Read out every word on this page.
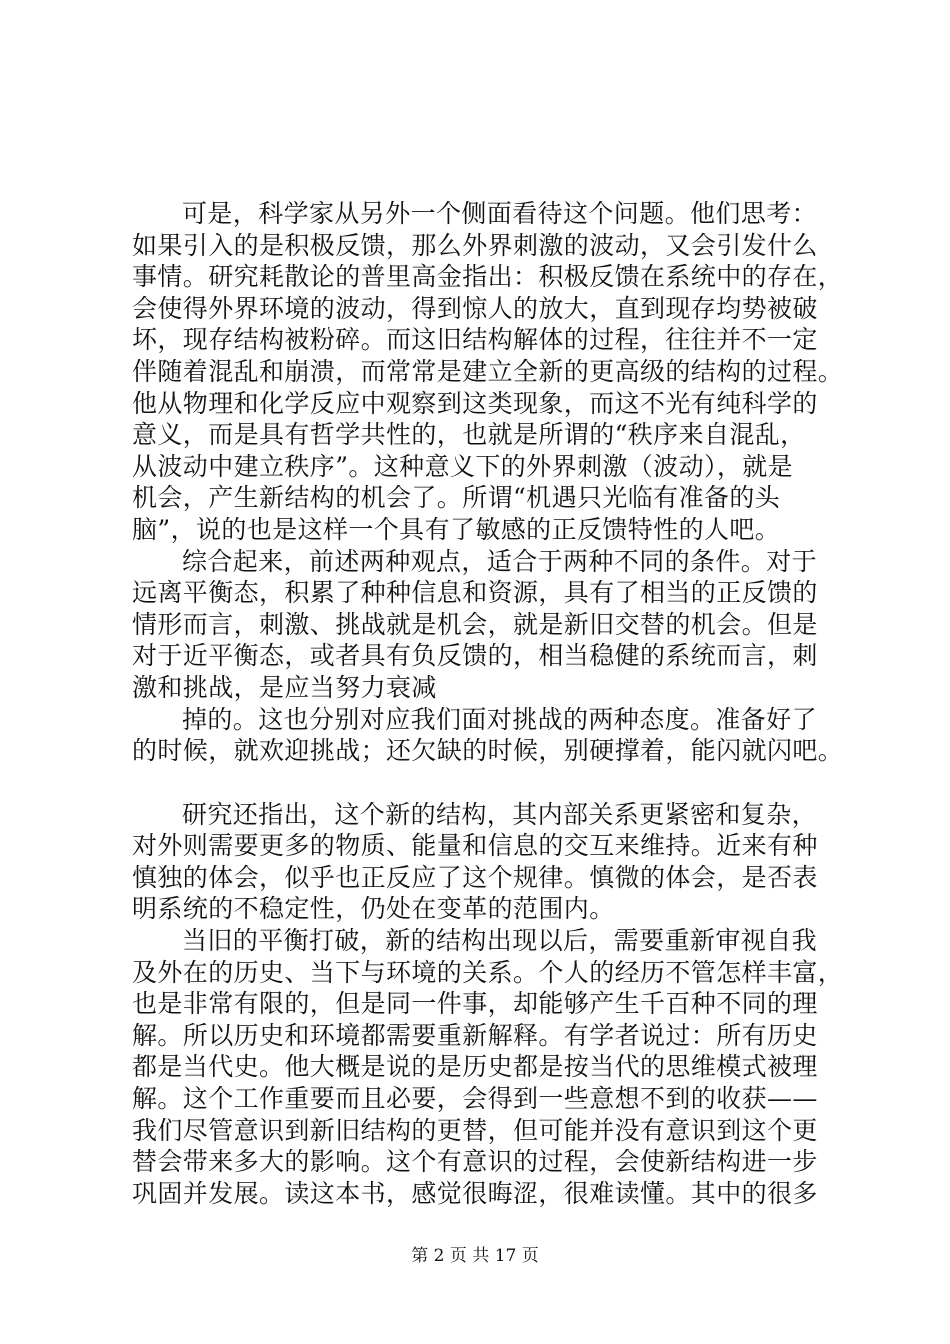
可是，科学家从另外一个侧面看待这个问题。他们思考：
如果引入的是积极反馈，那么外界刺激的波动，又会引发什么
事情。研究耗散论的普里高金指出：积极反馈在系统中的存在，
会使得外界环境的波动，得到惊人的放大，直到现存均势被破
坏，现存结构被粉碎。而这旧结构解体的过程，往往并不一定
伴随着混乱和崩溃，而常常是建立全新的更高级的结构的过程。
他从物理和化学反应中观察到这类现象，而这不光有纯科学的
意义，而是具有哲学共性的，也就是所谓的“秩序来自混乱，
从波动中建立秩序”。这种意义下的外界刺激（波动），就是
机会，产生新结构的机会了。所谓“机遇只光临有准备的头
脑”，说的也是这样一个具有了敏感的正反馈特性的人吧。
综合起来，前述两种观点，适合于两种不同的条件。对于
远离平衡态，积累了种种信息和资源，具有了相当的正反馈的
情形而言，刺激、挑战就是机会，就是新旧交替的机会。但是
对于近平衡态，或者具有负反馈的，相当稳健的系统而言，刺
激和挑战，是应当努力衰减
掉的。这也分别对应我们面对挑战的两种态度。准备好了
的时候，就欢迎挑战；还欠缺的时候，别硬撑着，能闪就闪吧。
研究还指出，这个新的结构，其内部关系更紧密和复杂，
对外则需要更多的物质、能量和信息的交互来维持。近来有种
慎独的体会，似乎也正反应了这个规律。慎微的体会，是否表
明系统的不稳定性，仍处在变革的范围内。
当旧的平衡打破，新的结构出现以后，需要重新审视自我
及外在的历史、当下与环境的关系。个人的经历不管怎样丰富，
也是非常有限的，但是同一件事，却能够产生千百种不同的理
解。所以历史和环境都需要重新解释。有学者说过：所有历史
都是当代史。他大概是说的是历史都是按当代的思维模式被理
解。这个工作重要而且必要，会得到一些意想不到的收获——
我们尽管意识到新旧结构的更替，但可能并没有意识到这个更
替会带来多大的影响。这个有意识的过程，会使新结构进一步
巩固并发展。读这本书，感觉很晦涩，很难读懂。其中的很多
第 2 页 共 17 页
